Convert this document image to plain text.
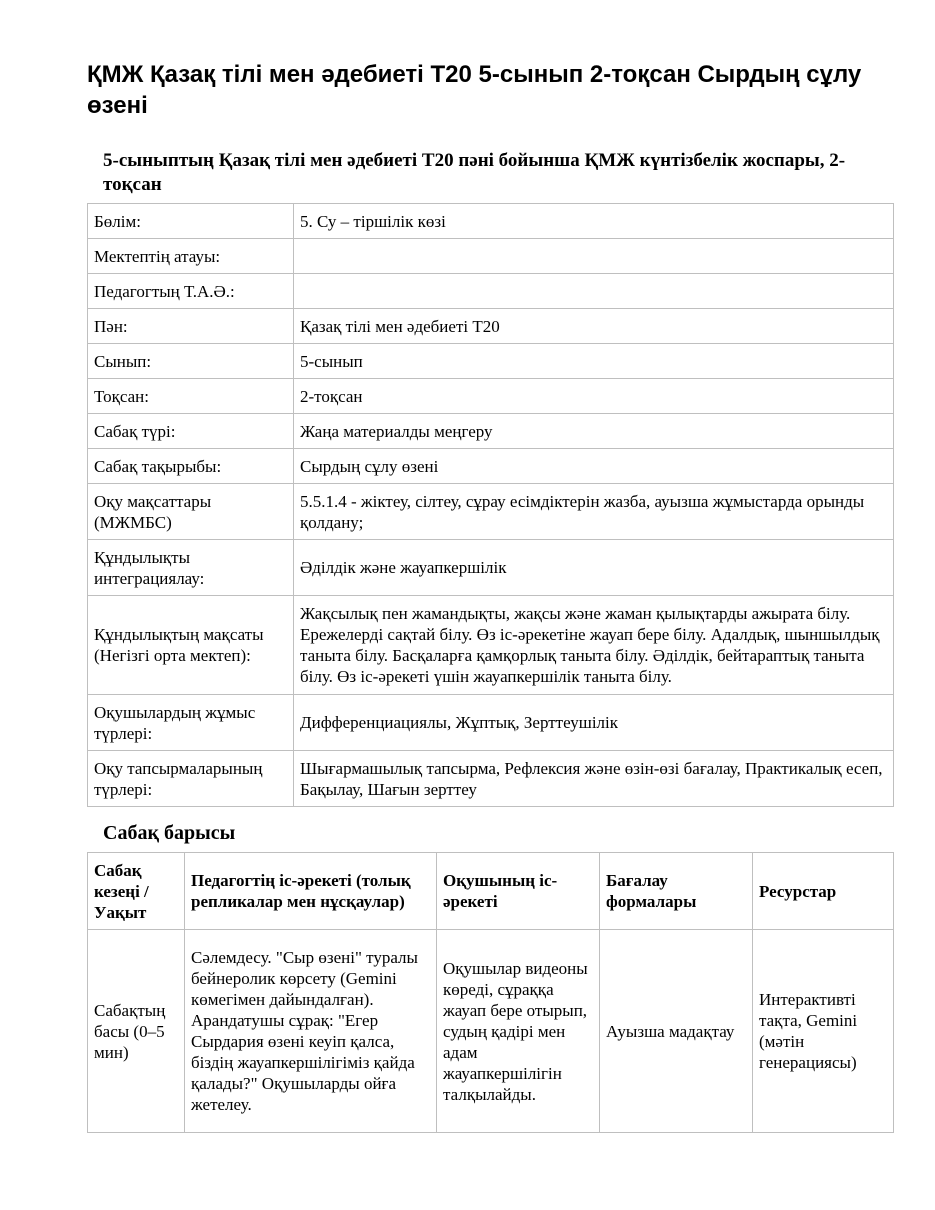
ҚМЖ Қазақ тілі мен әдебиеті Т20 5-сынып 2-тоқсан Сырдың сұлу өзені
5-сыныптың Қазақ тілі мен әдебиеті Т20 пәні бойынша ҚМЖ күнтізбелік жоспары, 2-тоқсан
Бөлім:	5. Су – тіршілік көзі
Мектептің атауы:	
Педагогтың Т.А.Ә.:	
Пән:	Қазақ тілі мен әдебиеті Т20
Сынып:	5-сынып
Тоқсан:	2-тоқсан
Сабақ түрі:	Жаңа материалды меңгеру
Сабақ тақырыбы:	Сырдың сұлу өзені
Оқу мақсаттары (МЖМБС)	5.5.1.4 - жіктеу, сілтеу, сұрау есімдіктерін жазба, ауызша жұмыстарда орынды қолдану;
Құндылықты интеграциялау:	Әділдік және жауапкершілік
Құндылықтың мақсаты (Негізгі орта мектеп):	Жақсылық пен жамандықты, жақсы және жаман қылықтарды ажырата білу. Ережелерді сақтай білу. Өз іс-әрекетіне жауап бере білу. Адалдық, шыншылдық таныта білу. Басқаларға қамқорлық таныта білу. Әділдік, бейтараптық таныта білу. Өз іс-әрекеті үшін жауапкершілік таныта білу.
Оқушылардың жұмыс түрлері:	Дифференциациялы, Жұптық, Зерттеушілік
Оқу тапсырмаларының түрлері:	Шығармашылық тапсырма, Рефлексия және өзін-өзі бағалау, Практикалық есеп, Бақылау, Шағын зерттеу
Сабақ барысы
Сабақ кезеңі / Уақыт	Педагогтің іс-әрекеті (толық репликалар мен нұсқаулар)	Оқушының іс-әрекеті	Бағалау формалары	Ресурстар
Сабақтың басы (0–5 мин)	Сәлемдесу. "Сыр өзені" туралы бейнеролик көрсету (Gemini көмегімен дайындалған). Арандатушы сұрақ: "Егер Сырдария өзені кеуіп қалса, біздің жауапкершілігіміз қайда қалады?" Оқушыларды ойға жетелеу.	Оқушылар видеоны көреді, сұраққа жауап бере отырып, судың қадірі мен адам жауапкершілігін талқылайды.	Ауызша мадақтау	Интерактивті тақта, Gemini (мәтін генерациясы)
